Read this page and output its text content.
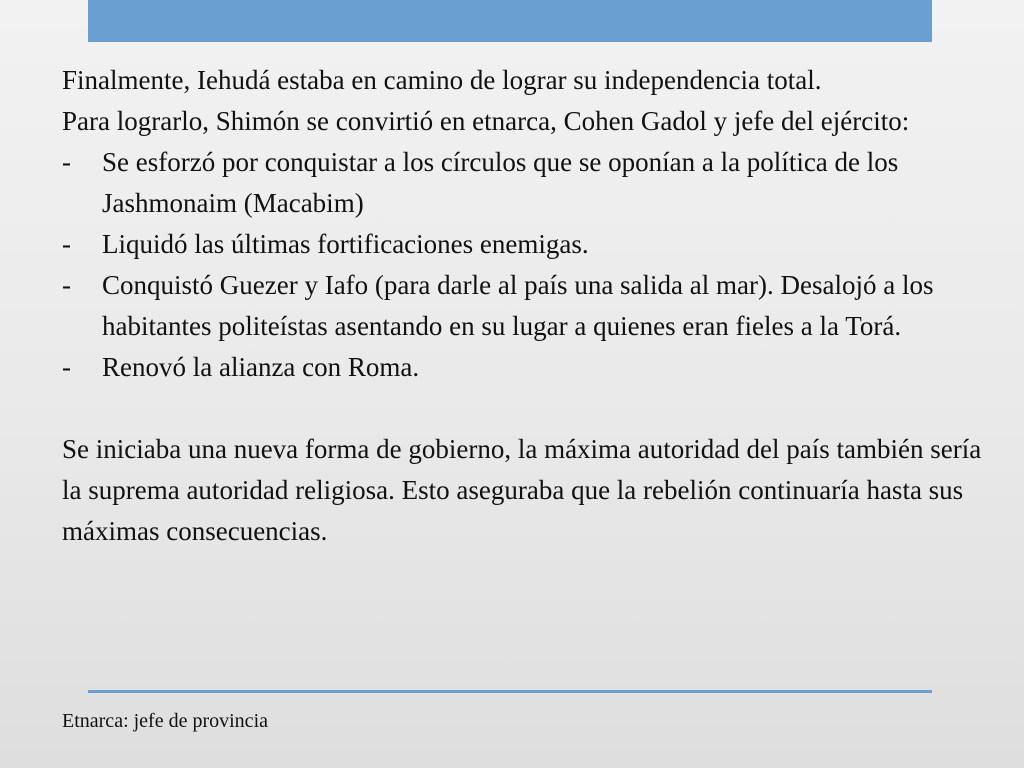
Finalmente, Iehudá estaba en camino de lograr su independencia total.

Para lograrlo, Shimón se convirtió en etnarca, Cohen Gadol y jefe del ejército:

- Se esforzó por conquistar a los círculos que se oponían a la política de los Jashmonaim (Macabim)
- Liquidó las últimas fortificaciones enemigas.
- Conquistó Guezer y Iafo (para darle al país una salida al mar). Desalojó a los habitantes politeístas asentando en su lugar a quienes eran fieles a la Torá.
- Renovó la alianza con Roma.

Se iniciaba una nueva forma de gobierno, la máxima autoridad del país también sería la suprema autoridad religiosa. Esto aseguraba que la rebelión continuaría hasta sus máximas consecuencias.

Etnarca: jefe de provincia
